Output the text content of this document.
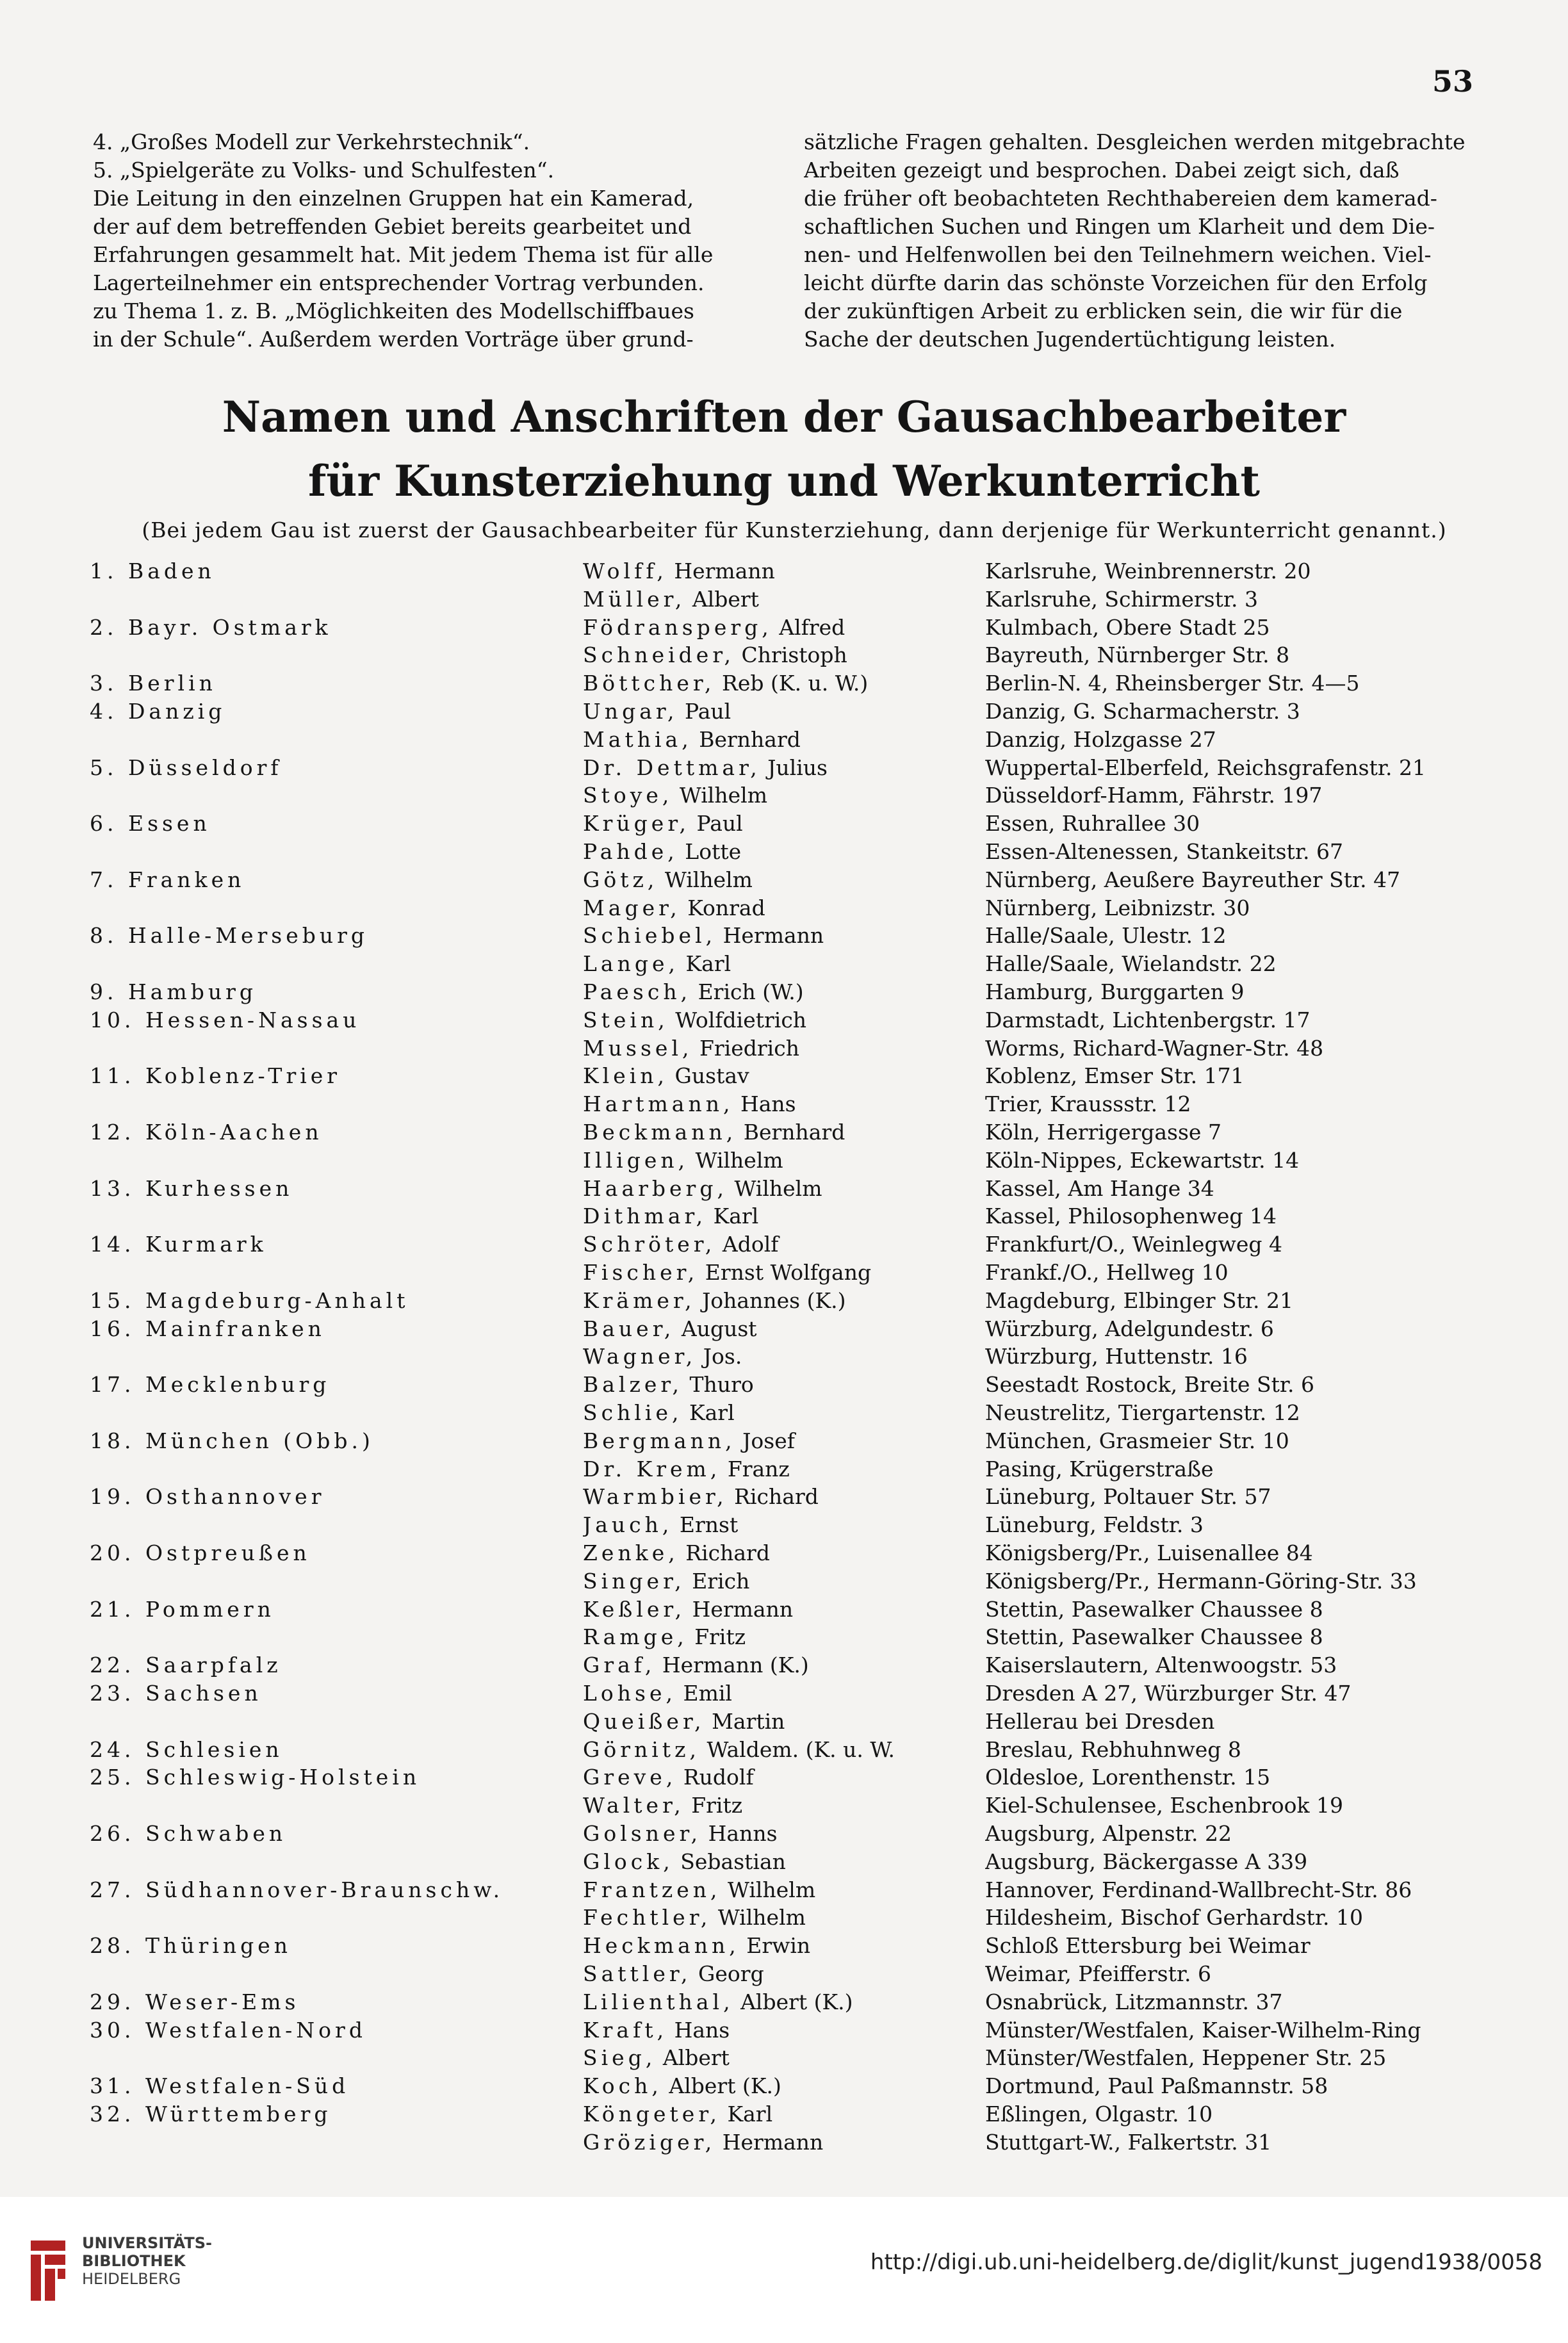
53
4. „Großes Modell zur Verkehrstechnik“.
5. „Spielgeräte zu Volks- und Schulfesten“.
Die Leitung in den einzelnen Gruppen hat ein Kamerad,
der auf dem betreffenden Gebiet bereits gearbeitet und
Erfahrungen gesammelt hat. Mit jedem Thema ist für alle
Lagerteilnehmer ein entsprechender Vortrag verbunden.
zu Thema 1. z. B. „Möglichkeiten des Modellschiffbaues
in der Schule“. Außerdem werden Vorträge über grund-
sätzliche Fragen gehalten. Desgleichen werden mitgebrachte
Arbeiten gezeigt und besprochen. Dabei zeigt sich, daß
die früher oft beobachteten Rechthabereien dem kamerad-
schaftlichen Suchen und Ringen um Klarheit und dem Die-
nen- und Helfenwollen bei den Teilnehmern weichen. Viel-
leicht dürfte darin das schönste Vorzeichen für den Erfolg
der zukünftigen Arbeit zu erblicken sein, die wir für die
Sache der deutschen Jugendertüchtigung leisten.
Namen und Anschriften der Gausachbearbeiter
für Kunsterziehung und Werkunterricht
(Bei jedem Gau ist zuerst der Gausachbearbeiter für Kunsterziehung, dann derjenige für Werkunterricht genannt.)
1. Baden	Wolff, Hermann	Karlsruhe, Weinbrennerstr. 20
Müller, Albert	Karlsruhe, Schirmerstr. 3
2. Bayr. Ostmark	Födransperg, Alfred	Kulmbach, Obere Stadt 25
Schneider, Christoph	Bayreuth, Nürnberger Str. 8
3. Berlin	Böttcher, Reb (K. u. W.)	Berlin-N. 4, Rheinsberger Str. 4—5
4. Danzig	Ungar, Paul	Danzig, G. Scharmacherstr. 3
Mathia, Bernhard	Danzig, Holzgasse 27
5. Düsseldorf	Dr. Dettmar, Julius	Wuppertal-Elberfeld, Reichsgrafenstr. 21
Stoye, Wilhelm	Düsseldorf-Hamm, Fährstr. 197
6. Essen	Krüger, Paul	Essen, Ruhrallee 30
Pahde, Lotte	Essen-Altenessen, Stankeitstr. 67
7. Franken	Götz, Wilhelm	Nürnberg, Aeußere Bayreuther Str. 47
Mager, Konrad	Nürnberg, Leibnizstr. 30
8. Halle-Merseburg	Schiebel, Hermann	Halle/Saale, Ulestr. 12
Lange, Karl	Halle/Saale, Wielandstr. 22
9. Hamburg	Paesch, Erich (W.)	Hamburg, Burggarten 9
10. Hessen-Nassau	Stein, Wolfdietrich	Darmstadt, Lichtenbergstr. 17
Mussel, Friedrich	Worms, Richard-Wagner-Str. 48
11. Koblenz-Trier	Klein, Gustav	Koblenz, Emser Str. 171
Hartmann, Hans	Trier, Kraussstr. 12
12. Köln-Aachen	Beckmann, Bernhard	Köln, Herrigergasse 7
Illigen, Wilhelm	Köln-Nippes, Eckewartstr. 14
13. Kurhessen	Haarberg, Wilhelm	Kassel, Am Hange 34
Dithmar, Karl	Kassel, Philosophenweg 14
14. Kurmark	Schröter, Adolf	Frankfurt/O., Weinlegweg 4
Fischer, Ernst Wolfgang	Frankf./O., Hellweg 10
15. Magdeburg-Anhalt	Krämer, Johannes (K.)	Magdeburg, Elbinger Str. 21
16. Mainfranken	Bauer, August	Würzburg, Adelgundestr. 6
Wagner, Jos.	Würzburg, Huttenstr. 16
17. Mecklenburg	Balzer, Thuro	Seestadt Rostock, Breite Str. 6
Schlie, Karl	Neustrelitz, Tiergartenstr. 12
18. München (Obb.)	Bergmann, Josef	München, Grasmeier Str. 10
Dr. Krem, Franz	Pasing, Krügerstraße
19. Osthannover	Warmbier, Richard	Lüneburg, Poltauer Str. 57
Jauch, Ernst	Lüneburg, Feldstr. 3
20. Ostpreußen	Zenke, Richard	Königsberg/Pr., Luisenallee 84
Singer, Erich	Königsberg/Pr., Hermann-Göring-Str. 33
21. Pommern	Keßler, Hermann	Stettin, Pasewalker Chaussee 8
Ramge, Fritz	Stettin, Pasewalker Chaussee 8
22. Saarpfalz	Graf, Hermann (K.)	Kaiserslautern, Altenwoogstr. 53
23. Sachsen	Lohse, Emil	Dresden A 27, Würzburger Str. 47
Queißer, Martin	Hellerau bei Dresden
24. Schlesien	Görnitz, Waldem. (K. u. W.	Breslau, Rebhuhnweg 8
25. Schleswig-Holstein	Greve, Rudolf	Oldesloe, Lorenthenstr. 15
Walter, Fritz	Kiel-Schulensee, Eschenbrook 19
26. Schwaben	Golsner, Hanns	Augsburg, Alpenstr. 22
Glock, Sebastian	Augsburg, Bäckergasse A 339
27. Südhannover-Braunschw.	Frantzen, Wilhelm	Hannover, Ferdinand-Wallbrecht-Str. 86
Fechtler, Wilhelm	Hildesheim, Bischof Gerhardstr. 10
28. Thüringen	Heckmann, Erwin	Schloß Ettersburg bei Weimar
Sattler, Georg	Weimar, Pfeifferstr. 6
29. Weser-Ems	Lilienthal, Albert (K.)	Osnabrück, Litzmannstr. 37
30. Westfalen-Nord	Kraft, Hans	Münster/Westfalen, Kaiser-Wilhelm-Ring
Sieg, Albert	Münster/Westfalen, Heppener Str. 25
31. Westfalen-Süd	Koch, Albert (K.)	Dortmund, Paul Paßmannstr. 58
32. Württemberg	Köngeter, Karl	Eßlingen, Olgastr. 10
Gröziger, Hermann	Stuttgart-W., Falkertstr. 31
UNIVERSITÄTS-
BIBLIOTHEK
HEIDELBERG
http://digi.ub.uni-heidelberg.de/diglit/kunst_jugend1938/0058
